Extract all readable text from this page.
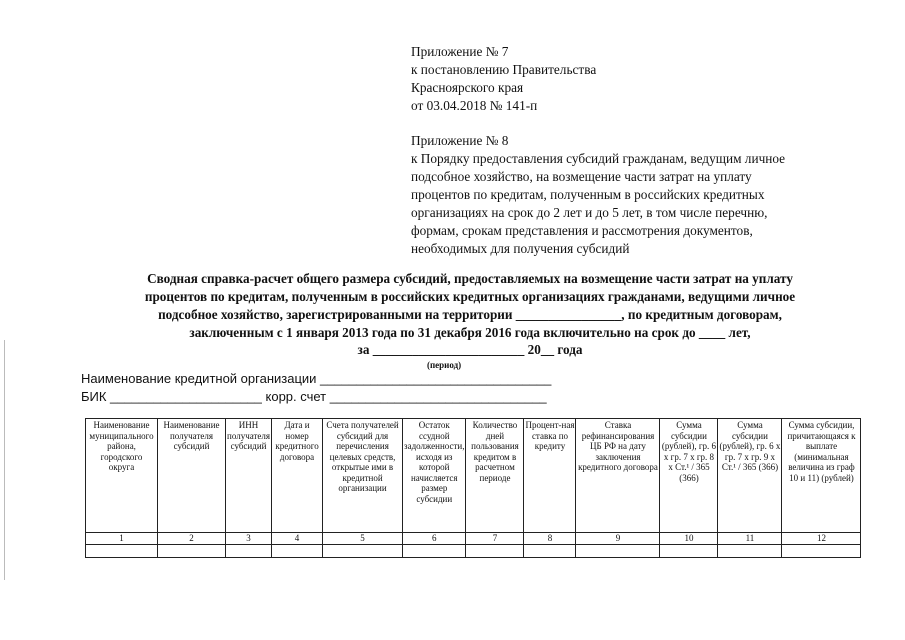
Приложение № 7
к постановлению Правительства
Красноярского края
от 03.04.2018 № 141-п
Приложение № 8
к Порядку предоставления субсидий гражданам, ведущим личное
подсобное хозяйство, на возмещение части затрат на уплату
процентов по кредитам, полученным в российских кредитных
организациях на срок до 2 лет и до 5 лет, в том числе перечню,
формам, срокам представления и рассмотрения документов,
необходимых для получения субсидий
Сводная справка-расчет общего размера субсидий, предоставляемых на возмещение части затрат на уплату
процентов по кредитам, полученным в российских кредитных организациях гражданами, ведущими личное
подсобное хозяйство, зарегистрированными на территории ________________, по кредитным договорам,
заключенным с 1 января 2013 года по 31 декабря 2016 года включительно на срок до ____ лет,
за _______________________ 20__ года
(период)
Наименование кредитной организации ________________________________
БИК _____________________ корр. счет ______________________________
Наименование муниципального района, городского округа	Наименование получателя субсидий	ИНН получателя субсидий	Дата и номер кредитного договора	Счета получателей субсидий для перечисления целевых средств, открытые ими в кредитной организации	Остаток ссудной задолженности, исходя из которой начисляется размер субсидии	Количество дней пользования кредитом в расчетном периоде	Процент-ная ставка по кредиту	Ставка рефинансирования ЦБ РФ на дату заключения кредитного договора	Сумма субсидии (рублей), гр. 6 х гр. 7 х гр. 8 х Ст.¹ / 365 (366)	Сумма субсидии (рублей), гр. 6 х гр. 7 х гр. 9 х Ст.¹ / 365 (366)	Сумма субсидии, причитающаяся к выплате (минимальная величина из граф 10 и 11) (рублей)
1	2	3	4	5	6	7	8	9	10	11	12
